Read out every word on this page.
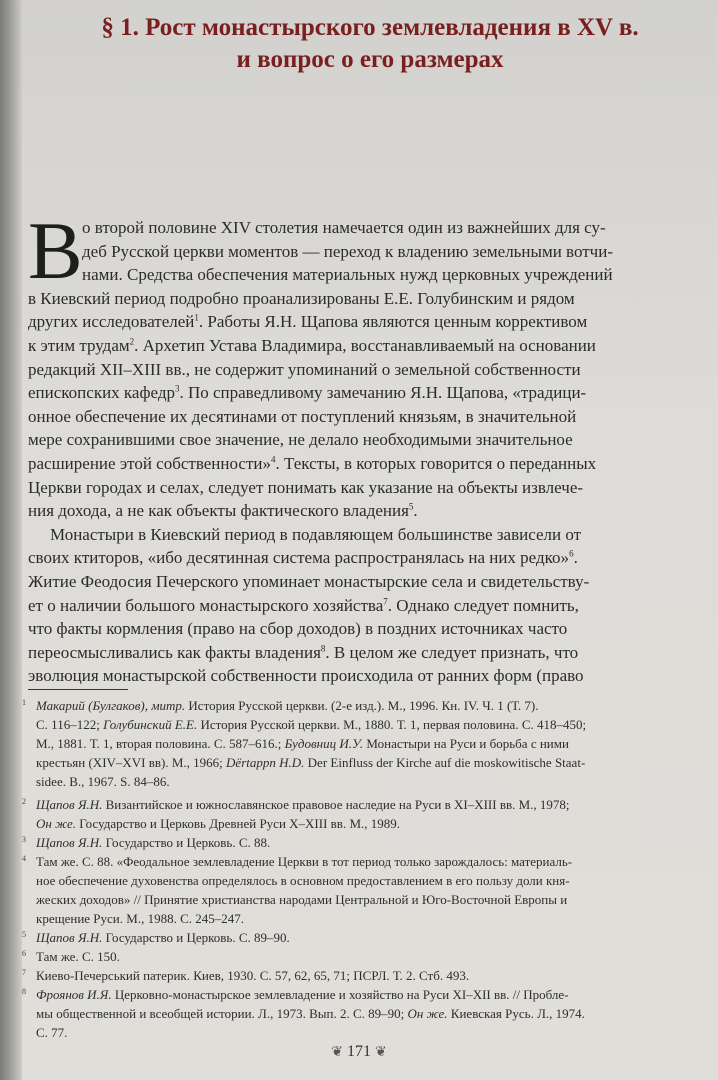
§ 1. Рост монастырского землевладения в XV в.
и вопрос о его размерах
В о второй половине XIV столетия намечается один из важнейших для су-
деб Русской церкви моментов — переход к владению земельными вотчи-
нами. Средства обеспечения материальных нужд церковных учреждений
в Киевский период подробно проанализированы Е.Е. Голубинским и рядом
других исследователей$^1$. Работы Я.Н. Щапова являются ценным коррективом
к этим трудам$^2$. Архетип Устава Владимира, восстанавливаемый на основании
редакций XII–XIII вв., не содержит упоминаний о земельной собственности
епископских кафедр$^3$. По справедливому замечанию Я.Н. Щапова, «традици-
онное обеспечение их десятинами от поступлений князьям, в значительной
мере сохранившими свое значение, не делало необходимыми значительное
расширение этой собственности»$^4$. Тексты, в которых говорится о переданных
Церкви городах и селах, следует понимать как указание на объекты извлече-
ния дохода, а не как объекты фактического владения$^5$.
Монастыри в Киевский период в подавляющем большинстве зависели от
своих ктиторов, «ибо десятинная система распространялась на них редко»$^6$.
Житие Феодосия Печерского упоминает монастырские села и свидетельству-
ет о наличии большого монастырского хозяйства$^7$. Однако следует помнить,
что факты кормления (право на сбор доходов) в поздних источниках часто
переосмысливались как факты владения$^8$. В целом же следует признать, что
эволюция монастырской собственности происходила от ранних форм (право
1 Макарий (Булгаков), митр. История Русской церкви. (2-е изд.). М., 1996. Кн. IV. Ч. 1 (Т. 7).
С. 116–122; Голубинский Е.Е. История Русской церкви. М., 1880. Т. 1, первая половина. С. 418–450;
М., 1881. Т. 1, вторая половина. С. 587–616.; Будовниц И.У. Монастыри на Руси и борьба с ними
крестьян (XIV–XVI вв). М., 1966; Dёrtappn H.D. Der Einfluss der Kirche auf die moskowitische Staat-
sidee. B., 1967. S. 84–86.
2 Щапов Я.Н. Византийское и южнославянское правовое наследие на Руси в XI–XIII вв. М., 1978;
Он же. Государство и Церковь Древней Руси X–XIII вв. М., 1989.
3 Щапов Я.Н. Государство и Церковь. С. 88.
4 Там же. С. 88. «Феодальное землевладение Церкви в тот период только зарождалось: материаль-
ное обеспечение духовенства определялось в основном предоставлением в его пользу доли кня-
жеских доходов» // Принятие христианства народами Центральной и Юго-Восточной Европы и
крещение Руси. М., 1988. С. 245–247.
5 Щапов Я.Н. Государство и Церковь. С. 89–90.
6 Там же. С. 150.
7 Киево-Печерський патерик. Киев, 1930. С. 57, 62, 65, 71; ПСРЛ. Т. 2. Стб. 493.
8 Фроянов И.Я. Церковно-монастырское землевладение и хозяйство на Руси XI–XII вв. // Пробле-
мы общественной и всеобщей истории. Л., 1973. Вып. 2. С. 89–90; Он же. Киевская Русь. Л., 1974.
С. 77.
❦ 171 ❦
